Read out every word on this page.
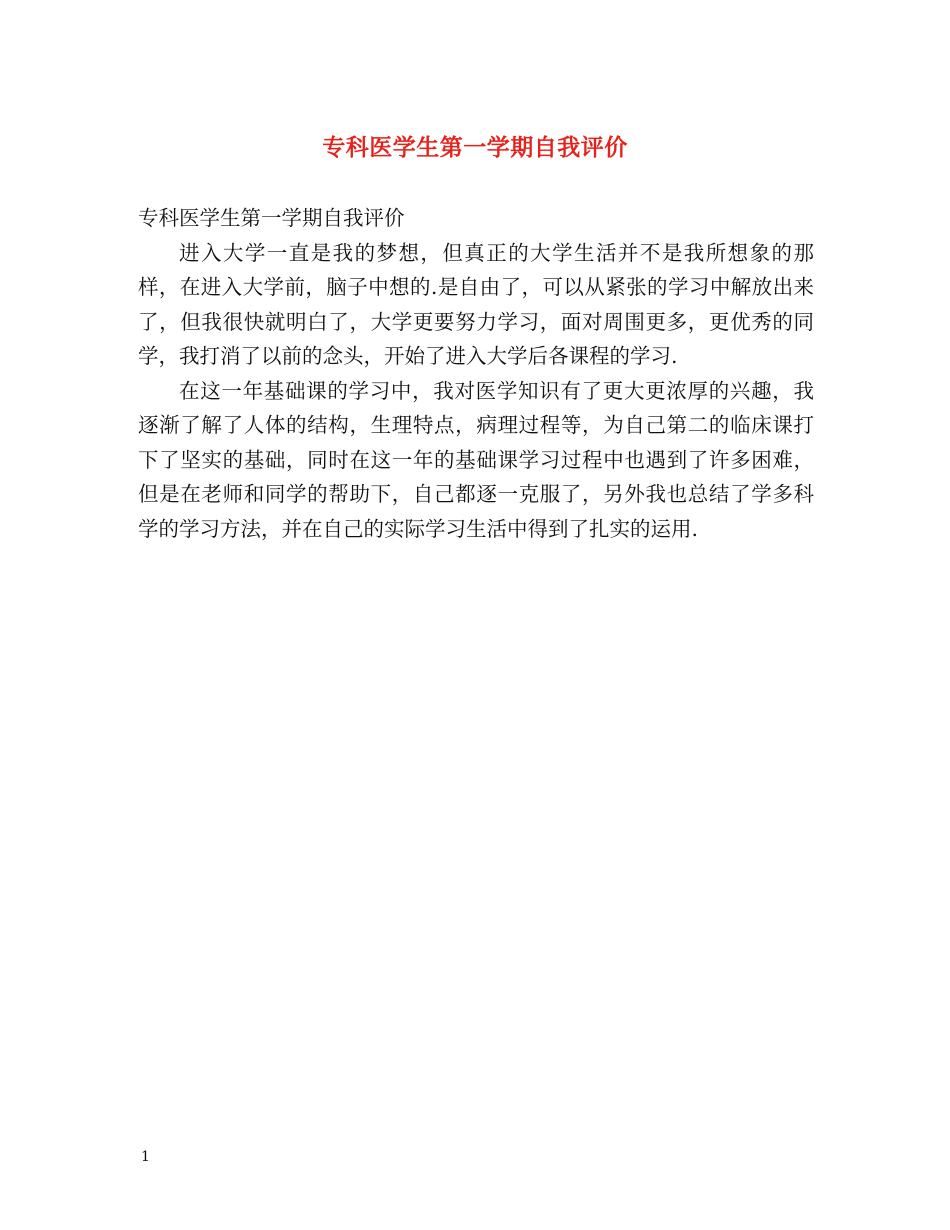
专科医学生第一学期自我评价
专科医学生第一学期自我评价

进入大学一直是我的梦想，但真正的大学生活并不是我所想象的那样，在进入大学前，脑子中想的.是自由了，可以从紧张的学习中解放出来了，但我很快就明白了，大学更要努力学习，面对周围更多，更优秀的同学，我打消了以前的念头，开始了进入大学后各课程的学习.

在这一年基础课的学习中，我对医学知识有了更大更浓厚的兴趣，我逐渐了解了人体的结构，生理特点，病理过程等，为自己第二的临床课打下了坚实的基础，同时在这一年的基础课学习过程中也遇到了许多困难，但是在老师和同学的帮助下，自己都逐一克服了，另外我也总结了学多科学的学习方法，并在自己的实际学习生活中得到了扎实的运用.

1
